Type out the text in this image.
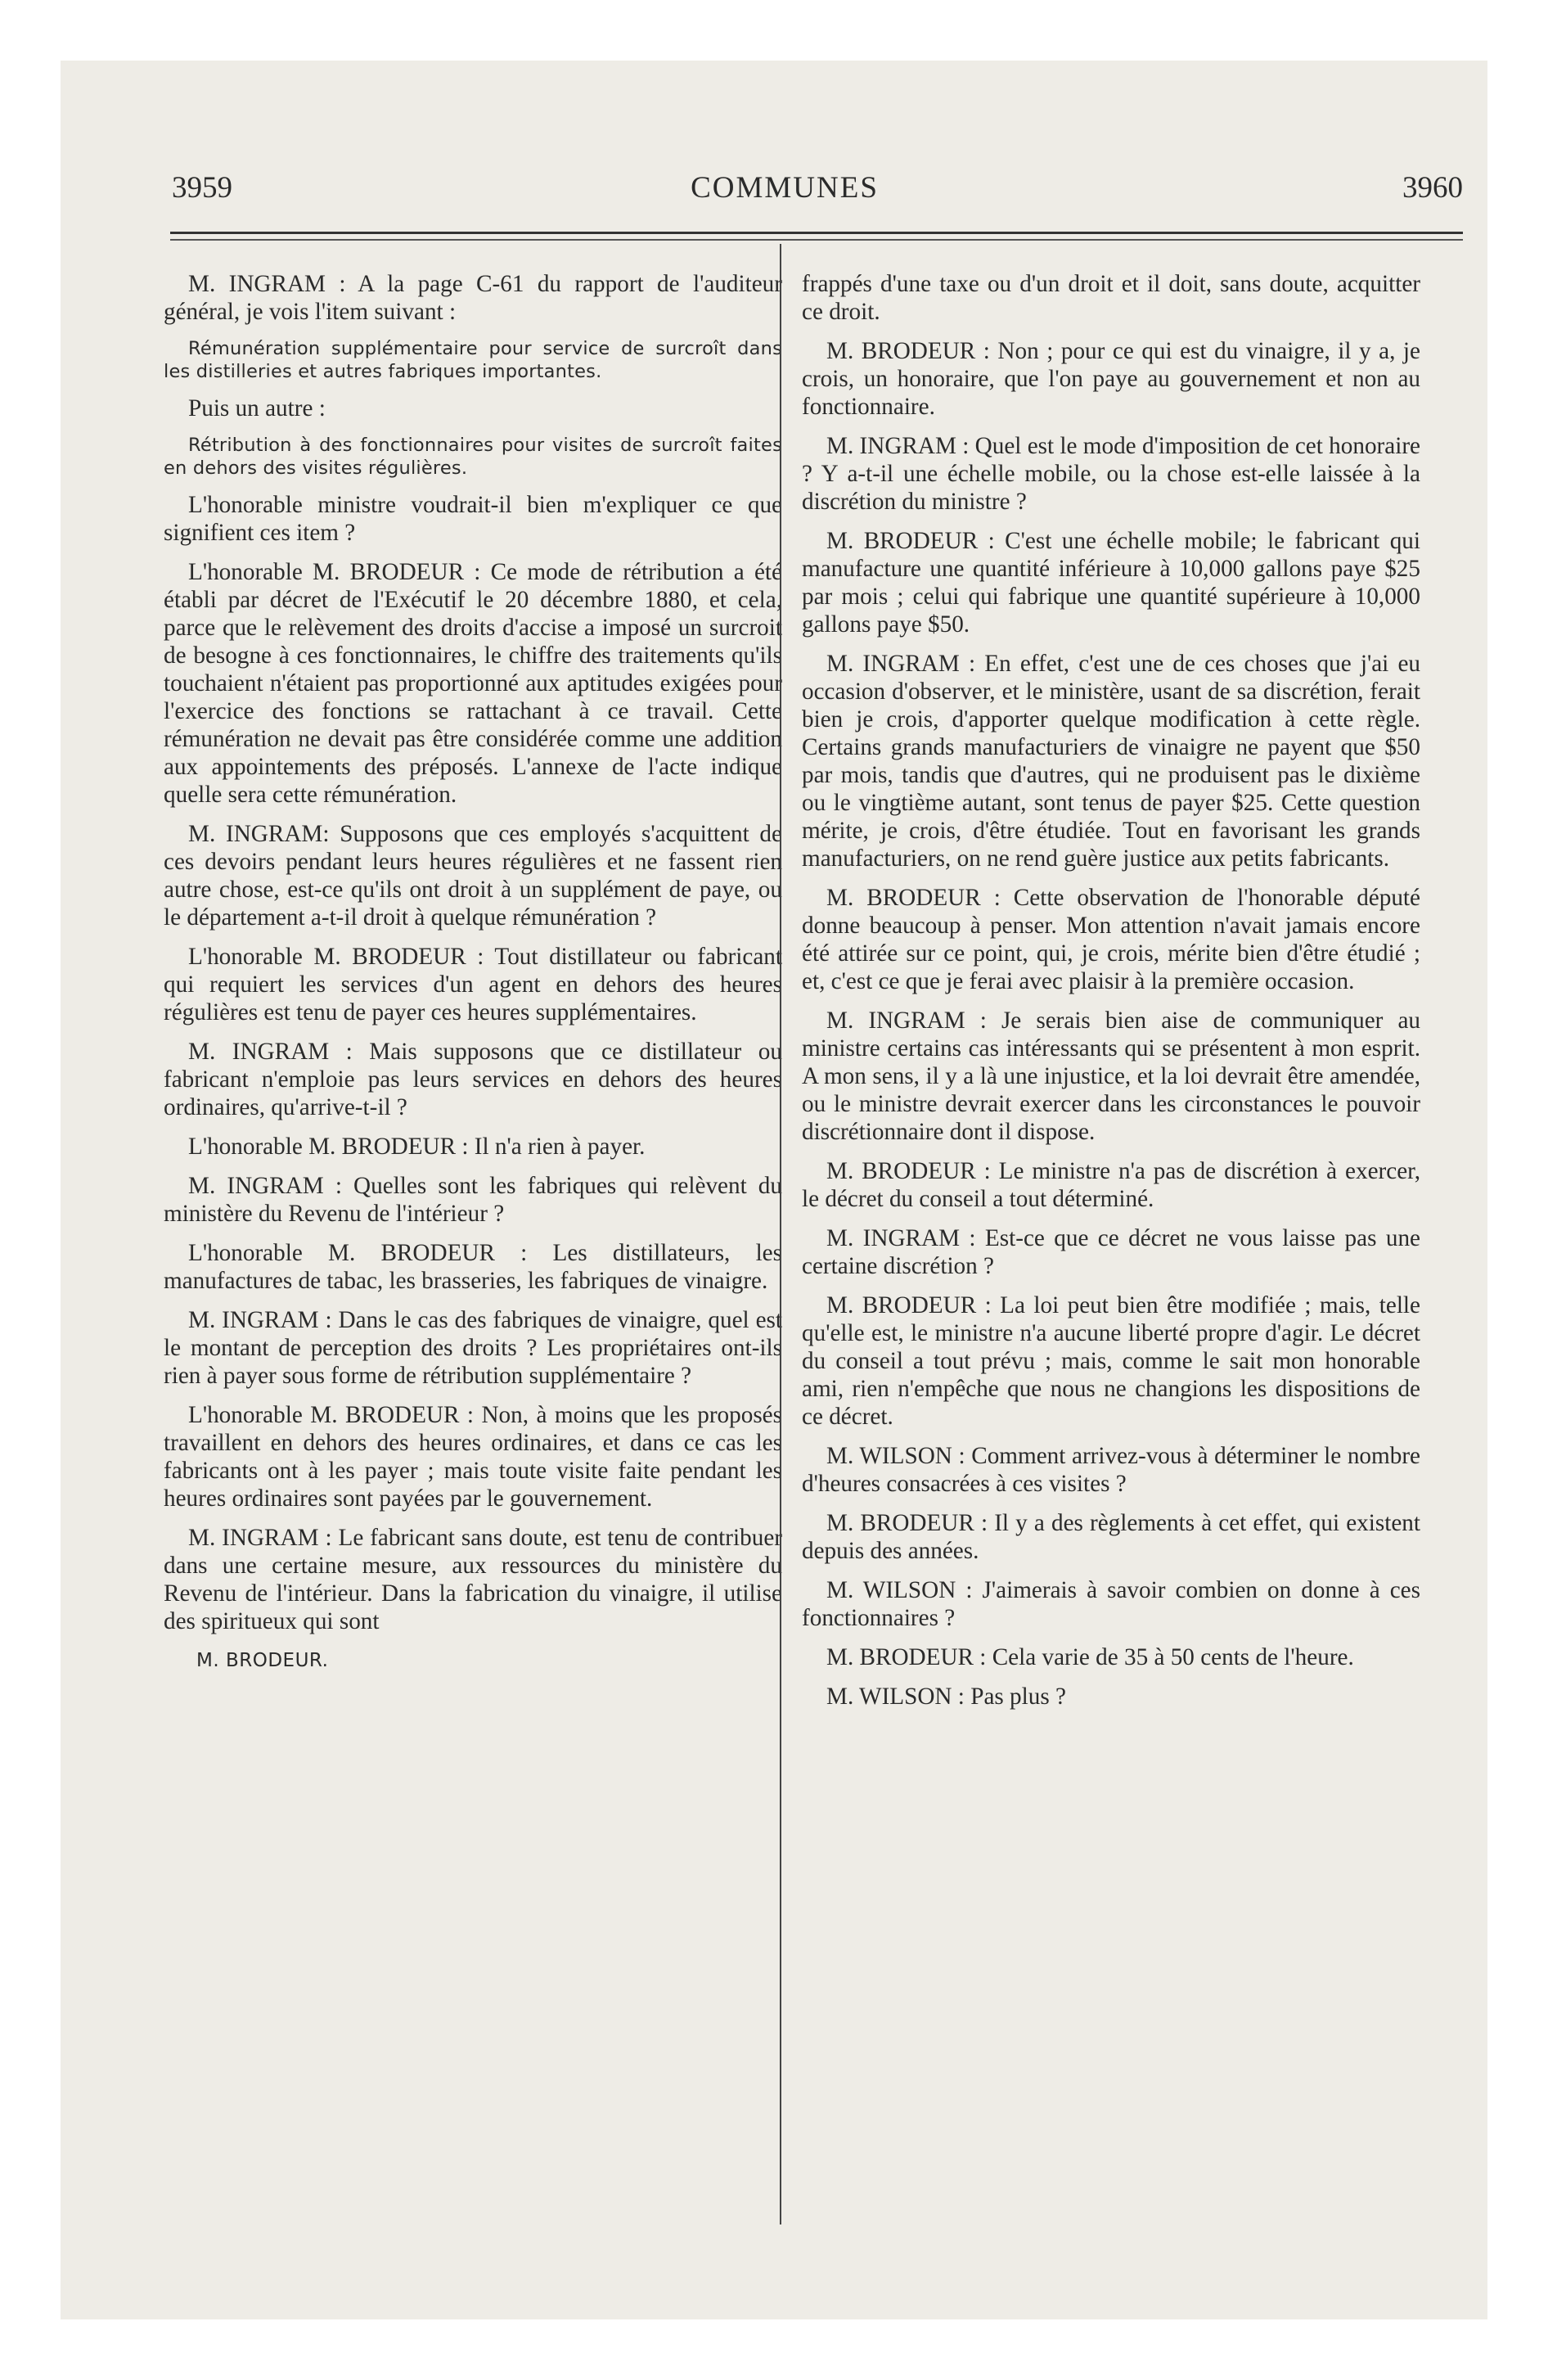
3959	COMMUNES	3960

M. INGRAM : A la page C-61 du rapport de l'auditeur général, je vois l'item suivant :

Rémunération supplémentaire pour service de surcroît dans les distilleries et autres fabriques importantes.

Puis un autre :

Rétribution à des fonctionnaires pour visites de surcroît faites en dehors des visites régulières.

L'honorable ministre voudrait-il bien m'expliquer ce que signifient ces item ?

L'honorable M. BRODEUR : Ce mode de rétribution a été établi par décret de l'Exécutif le 20 décembre 1880, et cela, parce que le relèvement des droits d'accise a imposé un surcroit de besogne à ces fonctionnaires, le chiffre des traitements qu'ils touchaient n'étaient pas proportionné aux aptitudes exigées pour l'exercice des fonctions se rattachant à ce travail. Cette rémunération ne devait pas être considérée comme une addition aux appointements des préposés. L'annexe de l'acte indique quelle sera cette rémunération.

M. INGRAM: Supposons que ces employés s'acquittent de ces devoirs pendant leurs heures régulières et ne fassent rien autre chose, est-ce qu'ils ont droit à un supplément de paye, ou le département a-t-il droit à quelque rémunération ?

L'honorable M. BRODEUR : Tout distillateur ou fabricant qui requiert les services d'un agent en dehors des heures régulières est tenu de payer ces heures supplémentaires.

M. INGRAM : Mais supposons que ce distillateur ou fabricant n'emploie pas leurs services en dehors des heures ordinaires, qu'arrive-t-il ?

L'honorable M. BRODEUR : Il n'a rien à payer.

M. INGRAM : Quelles sont les fabriques qui relèvent du ministère du Revenu de l'intérieur ?

L'honorable M. BRODEUR : Les distillateurs, les manufactures de tabac, les brasseries, les fabriques de vinaigre.

M. INGRAM : Dans le cas des fabriques de vinaigre, quel est le montant de perception des droits ? Les propriétaires ont-ils rien à payer sous forme de rétribution supplémentaire ?

L'honorable M. BRODEUR : Non, à moins que les proposés travaillent en dehors des heures ordinaires, et dans ce cas les fabricants ont à les payer ; mais toute visite faite pendant les heures ordinaires sont payées par le gouvernement.

M. INGRAM : Le fabricant sans doute, est tenu de contribuer dans une certaine mesure, aux ressources du ministère du Revenu de l'intérieur. Dans la fabrication du vinaigre, il utilise des spiritueux qui sont

M. BRODEUR.

frappés d'une taxe ou d'un droit et il doit, sans doute, acquitter ce droit.

M. BRODEUR : Non ; pour ce qui est du vinaigre, il y a, je crois, un honoraire, que l'on paye au gouvernement et non au fonctionnaire.

M. INGRAM : Quel est le mode d'imposition de cet honoraire ? Y a-t-il une échelle mobile, ou la chose est-elle laissée à la discrétion du ministre ?

M. BRODEUR : C'est une échelle mobile; le fabricant qui manufacture une quantité inférieure à 10,000 gallons paye $25 par mois ; celui qui fabrique une quantité supérieure à 10,000 gallons paye $50.

M. INGRAM : En effet, c'est une de ces choses que j'ai eu occasion d'observer, et le ministère, usant de sa discrétion, ferait bien je crois, d'apporter quelque modification à cette règle. Certains grands manufacturiers de vinaigre ne payent que $50 par mois, tandis que d'autres, qui ne produisent pas le dixième ou le vingtième autant, sont tenus de payer $25. Cette question mérite, je crois, d'être étudiée. Tout en favorisant les grands manufacturiers, on ne rend guère justice aux petits fabricants.

M. BRODEUR : Cette observation de l'honorable député donne beaucoup à penser. Mon attention n'avait jamais encore été attirée sur ce point, qui, je crois, mérite bien d'être étudié ; et, c'est ce que je ferai avec plaisir à la première occasion.

M. INGRAM : Je serais bien aise de communiquer au ministre certains cas intéressants qui se présentent à mon esprit. A mon sens, il y a là une injustice, et la loi devrait être amendée, ou le ministre devrait exercer dans les circonstances le pouvoir discrétionnaire dont il dispose.

M. BRODEUR : Le ministre n'a pas de discrétion à exercer, le décret du conseil a tout déterminé.

M. INGRAM : Est-ce que ce décret ne vous laisse pas une certaine discrétion ?

M. BRODEUR : La loi peut bien être modifiée ; mais, telle qu'elle est, le ministre n'a aucune liberté propre d'agir. Le décret du conseil a tout prévu ; mais, comme le sait mon honorable ami, rien n'empêche que nous ne changions les dispositions de ce décret.

M. WILSON : Comment arrivez-vous à déterminer le nombre d'heures consacrées à ces visites ?

M. BRODEUR : Il y a des règlements à cet effet, qui existent depuis des années.

M. WILSON : J'aimerais à savoir combien on donne à ces fonctionnaires ?

M. BRODEUR : Cela varie de 35 à 50 cents de l'heure.

M. WILSON : Pas plus ?
